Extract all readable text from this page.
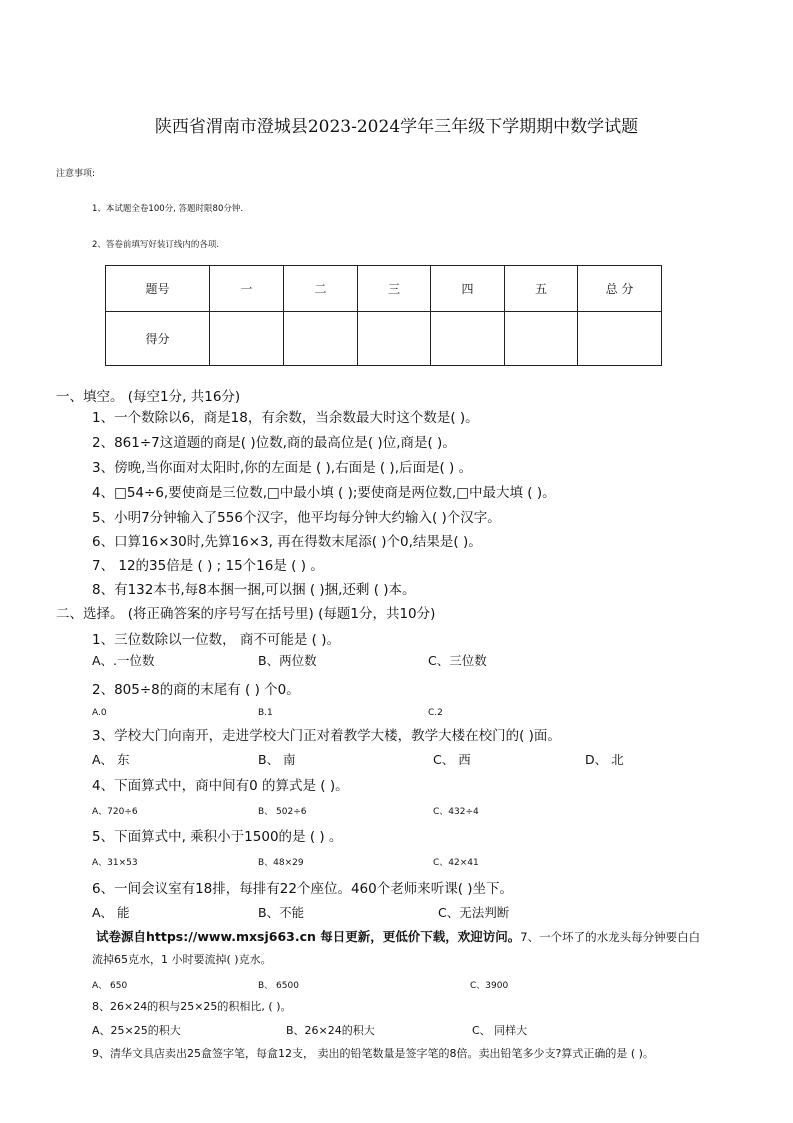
陕西省渭南市澄城县2023-2024学年三年级下学期期中数学试题
注意事项:
1、本试题全卷100分, 答题时限80分钟.
2、答卷前填写好装订线内的各项.
题号	一	二	三	四	五	总 分
得分						
一、填空。 (每空1分, 共16分)
1、一个数除以6，商是18，有余数，当余数最大时这个数是( )。
2、861÷7这道题的商是( )位数,商的最高位是( )位,商是( )。
3、傍晚,当你面对太阳时,你的左面是 ( ),右面是 ( ),后面是( ) 。
4、□54÷6,要使商是三位数,□中最小填 ( );要使商是两位数,□中最大填 ( )。
5、小明7分钟输入了556个汉字，他平均每分钟大约输入( )个汉字。
6、口算16×30时,先算16×3, 再在得数末尾添( )个0,结果是( )。
7、 12的35倍是 ( ) ; 15个16是 ( ) 。
8、有132本书,每8本捆一捆,可以捆 ( )捆,还剩 ( )本。
二、选择。 (将正确答案的序号写在括号里) (每题1分，共10分)
1、三位数除以一位数， 商不可能是 ( )。
A、.一位数	B、两位数	C、三位数
2、805÷8的商的末尾有 ( ) 个0。
A.0	B.1	C.2
3、学校大门向南开，走进学校大门正对着教学大楼，教学大楼在校门的( )面。
A、 东	B、 南	C、 西	D、 北
4、下面算式中，商中间有0 的算式是 ( )。
A、720÷6	B、 502÷6	C、432÷4
5、下面算式中, 乘积小于1500的是 ( ) 。
A、31×53	B、48×29	C、42×41
6、一间会议室有18排，每排有22个座位。460个老师来听课( )坐下。
A、 能	B、不能	C、无法判断
试卷源自https://www.mxsj663.cn 每日更新，更低价下载，欢迎访问。7、一个坏了的水龙头每分钟要白白
流掉65克水，1 小时要流掉( )克水。
A、 650	B、 6500	C、3900
8、26×24的积与25×25的积相比, ( )。
A、25×25的积大	B、26×24的积大	C、 同样大
9、清华文具店卖出25盒签字笔，每盒12支， 卖出的铅笔数量是签字笔的8倍。卖出铅笔多少支?算式正确的是 ( )。
